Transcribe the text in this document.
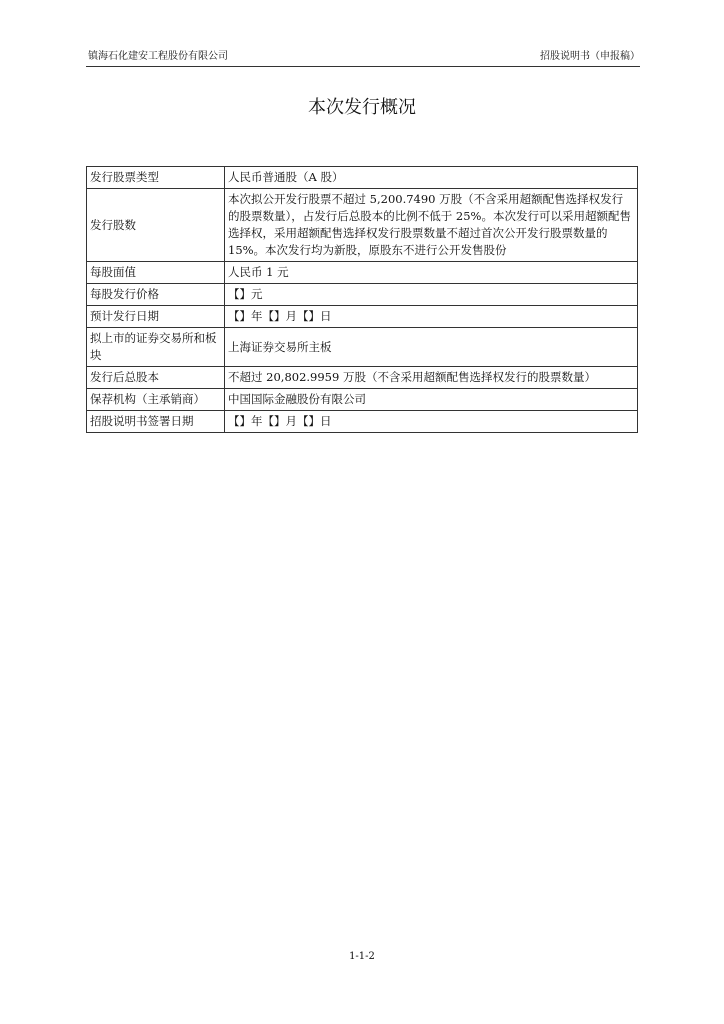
镇海石化建安工程股份有限公司	招股说明书（申报稿）
本次发行概况
发行股票类型	人民币普通股（A 股）
发行股数	本次拟公开发行股票不超过 5,200.7490 万股（不含采用超额配售选择权发行的股票数量），占发行后总股本的比例不低于 25%。本次发行可以采用超额配售选择权，采用超额配售选择权发行股票数量不超过首次公开发行股票数量的 15%。本次发行均为新股，原股东不进行公开发售股份
每股面值	人民币 1 元
每股发行价格	【】元
预计发行日期	【】年【】月【】日
拟上市的证券交易所和板块	上海证券交易所主板
发行后总股本	不超过 20,802.9959 万股（不含采用超额配售选择权发行的股票数量）
保荐机构（主承销商）	中国国际金融股份有限公司
招股说明书签署日期	【】年【】月【】日
1-1-2
